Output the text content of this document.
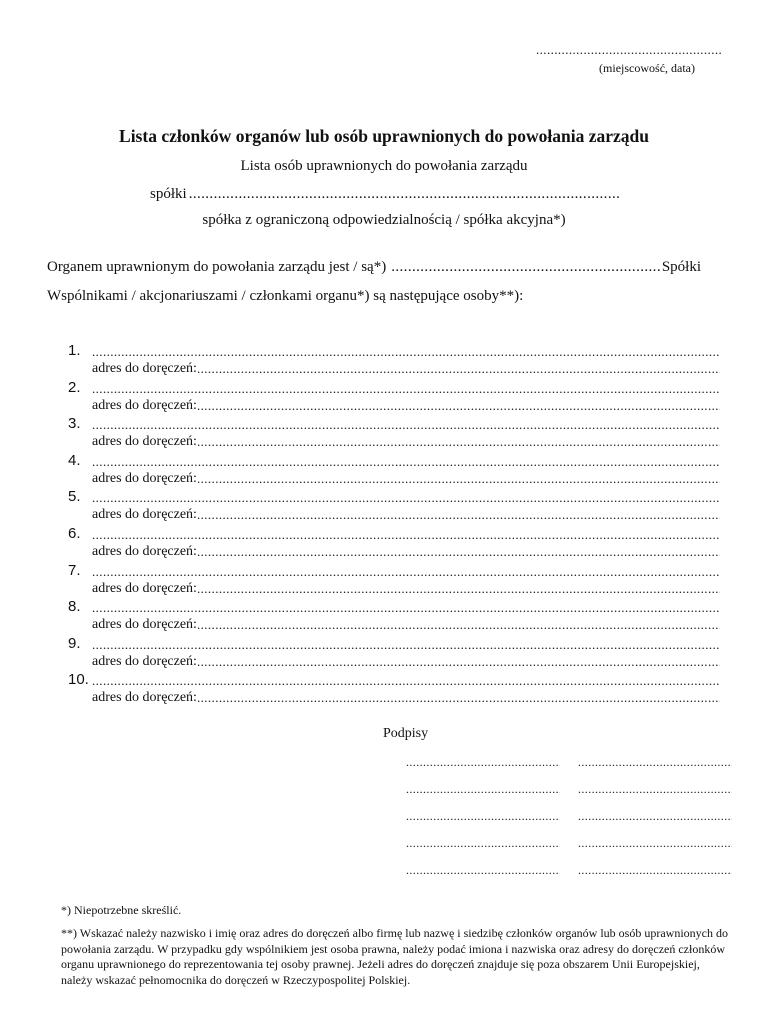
.....
(miejscowość, data)
Lista członków organów lub osób uprawnionych do powołania zarządu
Lista osób uprawnionych do powołania zarządu
spółki
.....
spółka z ograniczoną odpowiedzialnością / spółka akcyjna*)
Organem uprawnionym do powołania zarządu jest / są*)
.....	Spółki
Wspólnikami / akcjonariuszami / członkami organu*) są następujące osoby**):
1.
.....
adres do doręczeń:
.....
2.
.....
adres do doręczeń:
.....
3.
.....
adres do doręczeń:
.....
4.
.....
adres do doręczeń:
.....
5.
.....
adres do doręczeń:
.....
6.
.....
adres do doręczeń:
.....
7.
.....
adres do doręczeń:
.....
8.
.....
adres do doręczeń:
.....
9.
.....
adres do doręczeń:
.....
10.
.....
adres do doręczeń:
.....
Podpisy
.....
.....
.....
.....
.....
.....
.....
.....
.....
.....
*) Niepotrzebne skreślić.
**) Wskazać należy nazwisko i imię oraz adres do doręczeń albo firmę lub nazwę i siedzibę członków organów lub osób uprawnionych do powołania zarządu. W przypadku gdy wspólnikiem jest osoba prawna, należy podać imiona i nazwiska oraz adresy do doręczeń członków organu uprawnionego do reprezentowania tej osoby prawnej. Jeżeli adres do doręczeń znajduje się poza obszarem Unii Europejskiej, należy wskazać pełnomocnika do doręczeń w Rzeczypospolitej Polskiej.
